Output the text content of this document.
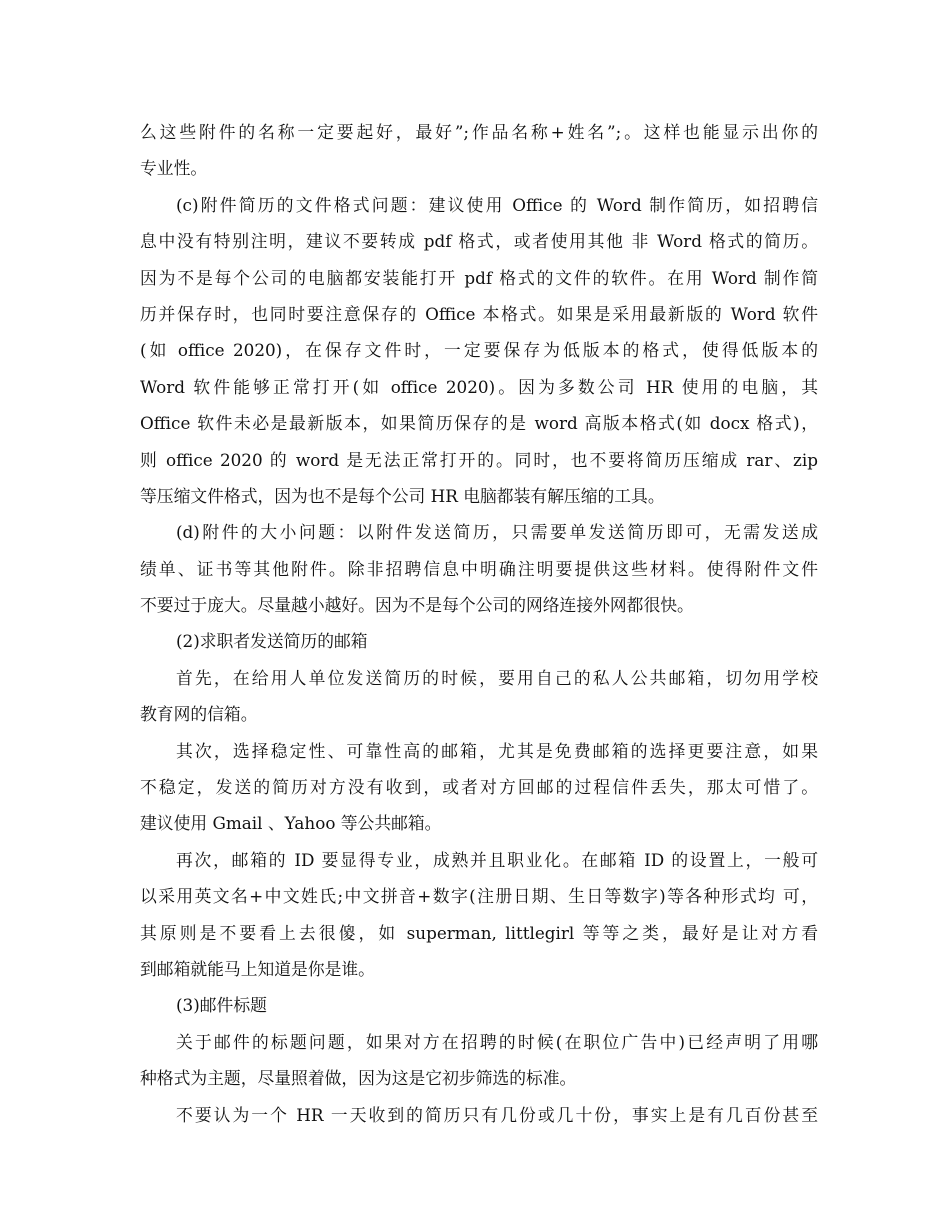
么这些附件的名称一定要起好，最好”;作品名称+姓名”;。这样也能显示出你的
专业性。
(c)附件简历的文件格式问题：建议使用 Office 的 Word 制作简历，如招聘信
息中没有特别注明，建议不要转成 pdf 格式，或者使用其他 非 Word 格式的简历。
因为不是每个公司的电脑都安装能打开 pdf 格式的文件的软件。在用 Word 制作简
历并保存时，也同时要注意保存的 Office 本格式。如果是采用最新版的 Word 软件
(如 office 2020)，在保存文件时，一定要保存为低版本的格式，使得低版本的
Word 软件能够正常打开(如 office 2020)。因为多数公司 HR 使用的电脑，其
Office 软件未必是最新版本，如果简历保存的是 word 高版本格式(如 docx 格式)，
则 office 2020 的 word 是无法正常打开的。同时，也不要将简历压缩成 rar、zip
等压缩文件格式，因为也不是每个公司 HR 电脑都装有解压缩的工具。
(d)附件的大小问题：以附件发送简历，只需要单发送简历即可，无需发送成
绩单、证书等其他附件。除非招聘信息中明确注明要提供这些材料。使得附件文件
不要过于庞大。尽量越小越好。因为不是每个公司的网络连接外网都很快。
(2)求职者发送简历的邮箱
首先，在给用人单位发送简历的时候，要用自己的私人公共邮箱，切勿用学校
教育网的信箱。
其次，选择稳定性、可靠性高的邮箱，尤其是免费邮箱的选择更要注意，如果
不稳定，发送的简历对方没有收到，或者对方回邮的过程信件丢失，那太可惜了。
建议使用 Gmail 、Yahoo 等公共邮箱。
再次，邮箱的 ID 要显得专业，成熟并且职业化。在邮箱 ID 的设置上，一般可
以采用英文名+中文姓氏;中文拼音+数字(注册日期、生日等数字)等各种形式均 可，
其原则是不要看上去很傻，如 superman, littlegirl 等等之类，最好是让对方看
到邮箱就能马上知道是你是谁。
(3)邮件标题
关于邮件的标题问题，如果对方在招聘的时候(在职位广告中)已经声明了用哪
种格式为主题，尽量照着做，因为这是它初步筛选的标准。
不要认为一个 HR 一天收到的简历只有几份或几十份，事实上是有几百份甚至
